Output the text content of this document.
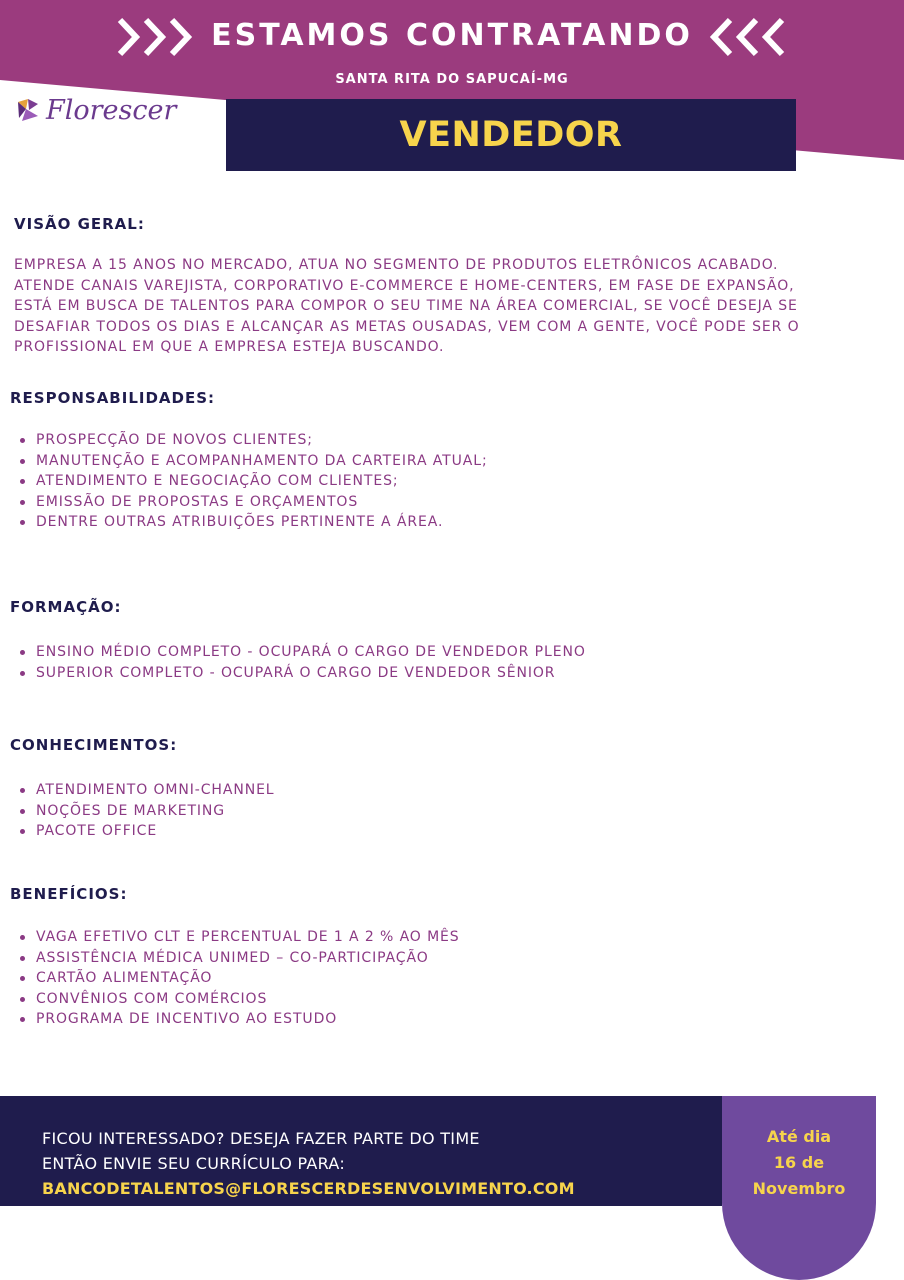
ESTAMOS CONTRATANDO
SANTA RITA DO SAPUCAÍ-MG
Florescer
VENDEDOR
VISÃO GERAL:
EMPRESA A 15 ANOS NO MERCADO, ATUA NO SEGMENTO DE PRODUTOS ELETRÔNICOS ACABADO.
ATENDE CANAIS VAREJISTA, CORPORATIVO E-COMMERCE E HOME-CENTERS, EM FASE DE EXPANSÃO,
ESTÁ EM BUSCA DE TALENTOS PARA COMPOR O SEU TIME NA ÁREA COMERCIAL, SE VOCÊ DESEJA SE
DESAFIAR TODOS OS DIAS E ALCANÇAR AS METAS OUSADAS, VEM COM A GENTE, VOCÊ PODE SER O
PROFISSIONAL EM QUE A EMPRESA ESTEJA BUSCANDO.
RESPONSABILIDADES:
PROSPECÇÃO DE NOVOS CLIENTES;
MANUTENÇÃO E ACOMPANHAMENTO DA CARTEIRA ATUAL;
ATENDIMENTO E NEGOCIAÇÃO COM CLIENTES;
EMISSÃO DE PROPOSTAS E ORÇAMENTOS
DENTRE OUTRAS ATRIBUIÇÕES PERTINENTE A ÁREA.
FORMAÇÃO:
ENSINO MÉDIO COMPLETO - OCUPARÁ O CARGO DE VENDEDOR PLENO
SUPERIOR COMPLETO - OCUPARÁ O CARGO DE VENDEDOR SÊNIOR
CONHECIMENTOS:
ATENDIMENTO OMNI-CHANNEL
NOÇÕES DE MARKETING
PACOTE OFFICE
BENEFÍCIOS:
VAGA EFETIVO CLT E PERCENTUAL DE 1 A 2 % AO MÊS
ASSISTÊNCIA MÉDICA UNIMED – CO-PARTICIPAÇÃO
CARTÃO ALIMENTAÇÃO
CONVÊNIOS COM COMÉRCIOS
PROGRAMA DE INCENTIVO AO ESTUDO
FICOU INTERESSADO? DESEJA FAZER PARTE DO TIME
ENTÃO ENVIE SEU CURRÍCULO PARA:
BANCODETALENTOS@FLORESCERDESENVOLVIMENTO.COM
Até dia
16 de
Novembro
